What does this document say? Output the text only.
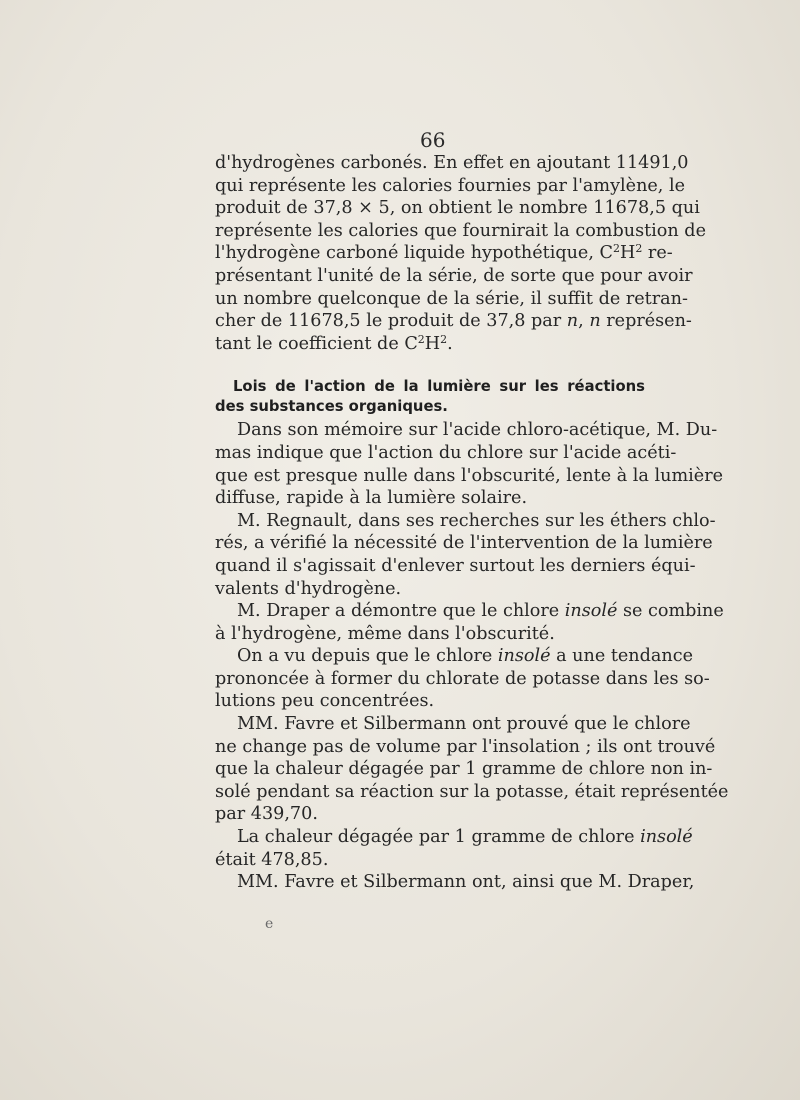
66
d'hydrogènes carbonés. En effet en ajoutant 11491,0
qui représente les calories fournies par l'amylène, le
produit de 37,8 × 5, on obtient le nombre 11678,5 qui
représente les calories que fournirait la combustion de
l'hydrogène carboné liquide hypothétique, $C^2H^2$ re-
présentant l'unité de la série, de sorte que pour avoir
un nombre quelconque de la série, il suffit de retran-
cher de 11678,5 le produit de 37,8 par n, n représen-
tant le coefficient de $C^2H^2$.
Lois de l'action de la lumière sur les réactions
des substances organiques.
Dans son mémoire sur l'acide chloro-acétique, M. Du-
mas indique que l'action du chlore sur l'acide acéti-
que est presque nulle dans l'obscurité, lente à la lumière
diffuse, rapide à la lumière solaire.
M. Regnault, dans ses recherches sur les éthers chlo-
rés, a vérifié la nécessité de l'intervention de la lumière
quand il s'agissait d'enlever surtout les derniers équi-
valents d'hydrogène.
M. Draper a démontre que le chlore insolé se combine
à l'hydrogène, même dans l'obscurité.
On a vu depuis que le chlore insolé a une tendance
prononcée à former du chlorate de potasse dans les so-
lutions peu concentrées.
MM. Favre et Silbermann ont prouvé que le chlore
ne change pas de volume par l'insolation ; ils ont trouvé
que la chaleur dégagée par 1 gramme de chlore non in-
solé pendant sa réaction sur la potasse, était représentée
par 439,70.
La chaleur dégagée par 1 gramme de chlore insolé
était 478,85.
MM. Favre et Silbermann ont, ainsi que M. Draper,
e
